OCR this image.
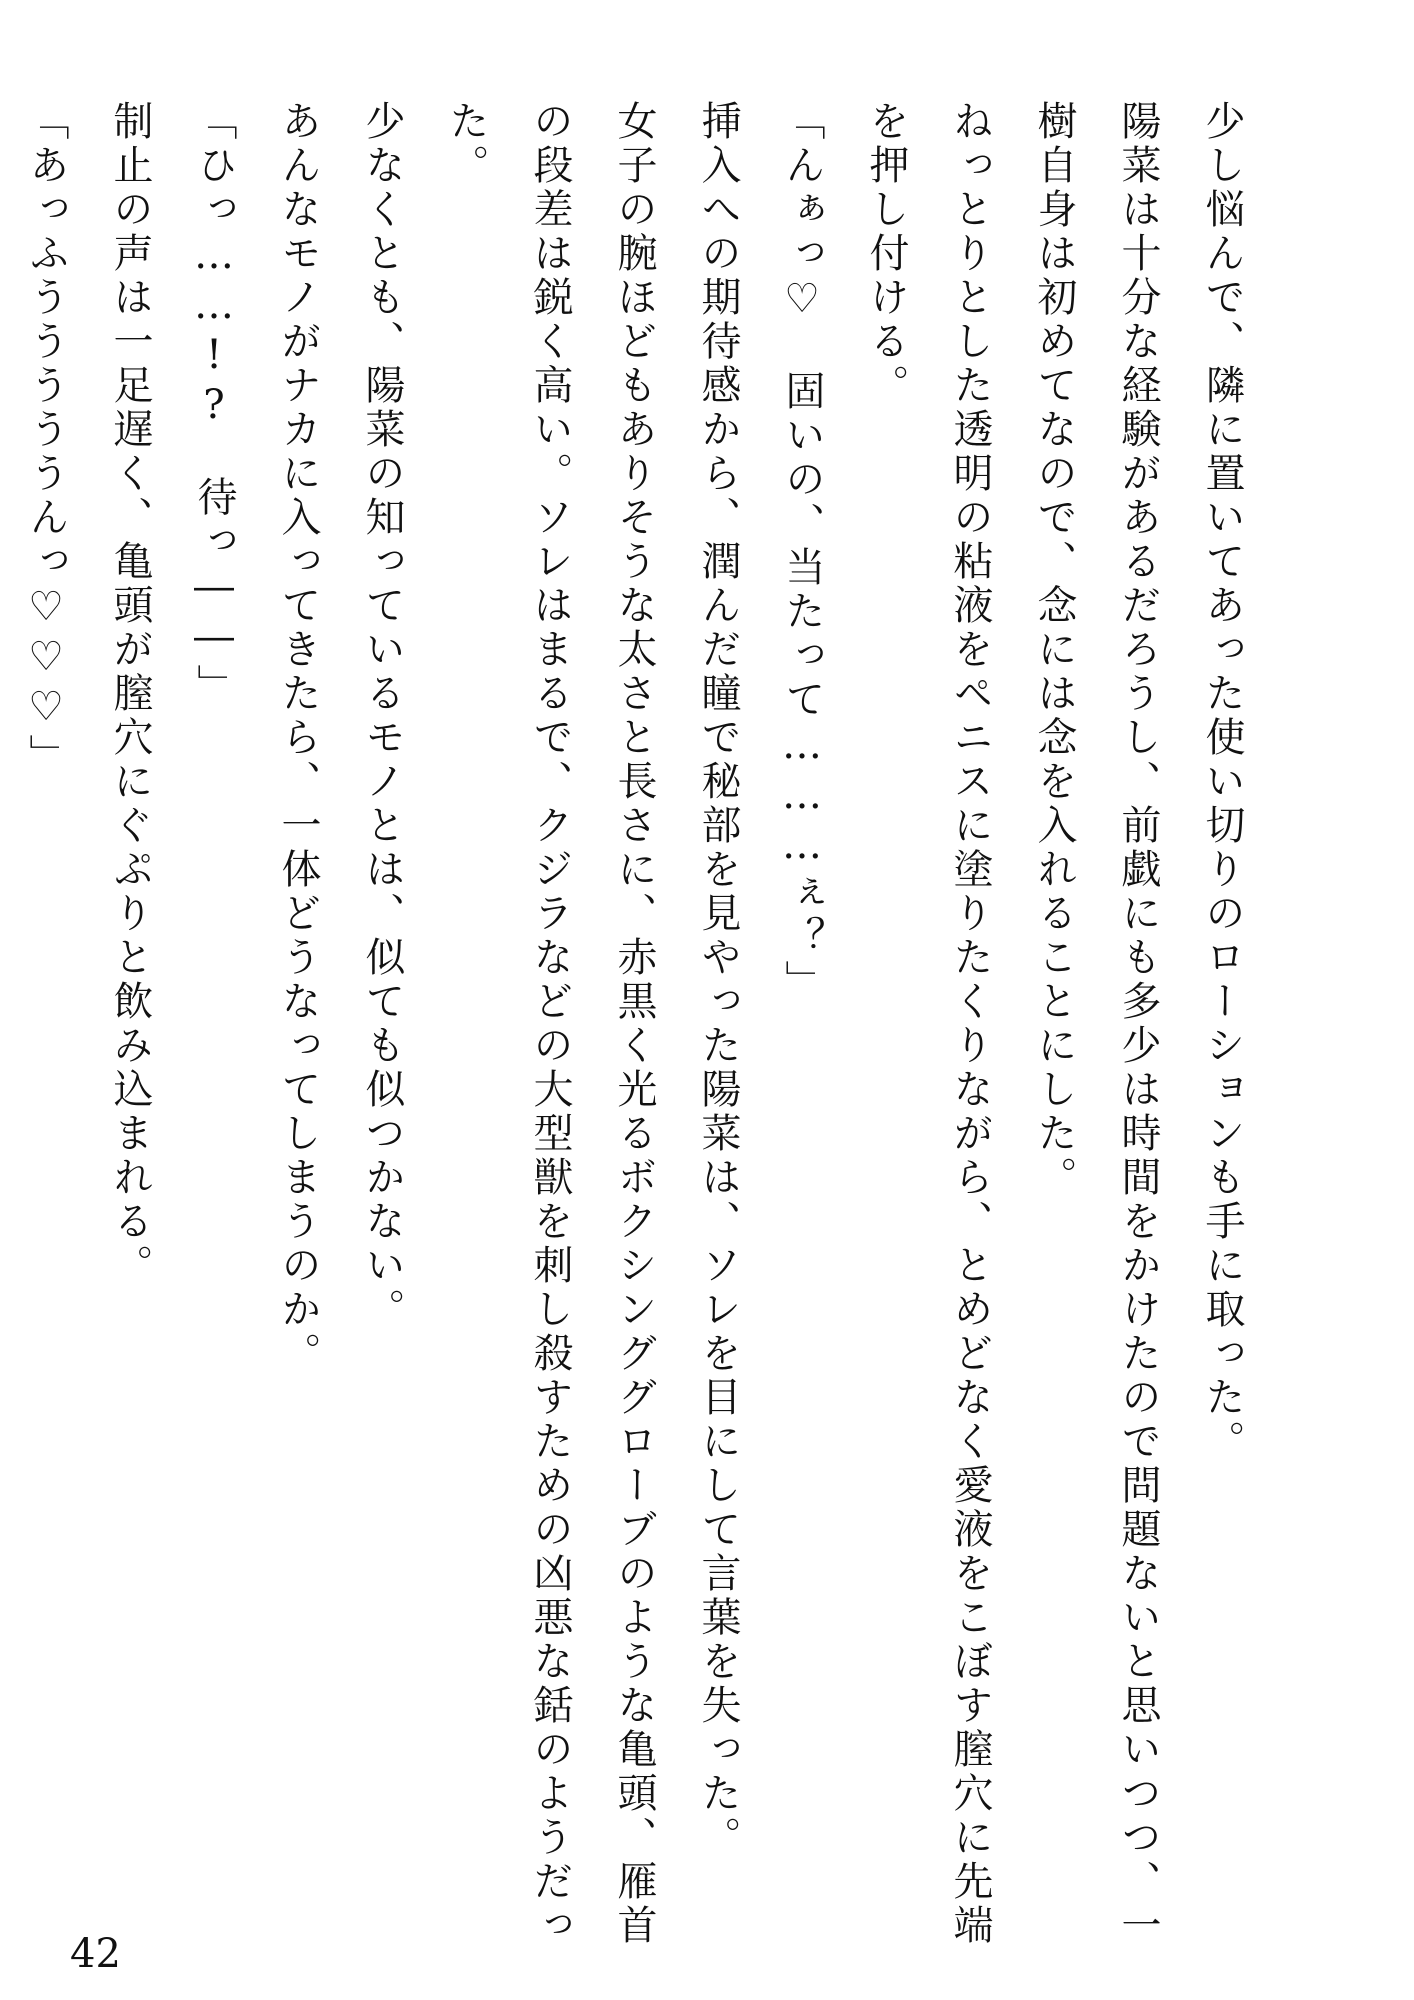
少し悩んで、隣に置いてあった使い切りのローションも手に取った。

陽菜は十分な経験があるだろうし、前戯にも多少は時間をかけたので問題ないと思いつつ、一樹自身は初めてなので、念には念を入れることにした。

ねっとりとした透明の粘液をペニスに塗りたくりながら、とめどなく愛液をこぼす膣穴に先端を押し付ける。

「んぁっ♡　固いの、当たって………ぇ？」

挿入への期待感から、潤んだ瞳で秘部を見やった陽菜は、ソレを目にして言葉を失った。

女子の腕ほどもありそうな太さと長さに、赤黒く光るボクシンググローブのような亀頭、雁首の段差は鋭く高い。ソレはまるで、クジラなどの大型獣を刺し殺すための凶悪な銛のようだった。

少なくとも、陽菜の知っているモノとは、似ても似つかない。

あんなモノがナカに入ってきたら、一体どうなってしまうのか。

「ひっ……!?　待っ――」

制止の声は一足遅く、亀頭が膣穴にぐぷりと飲み込まれる。

「あっふうううううんっ♡♡♡」

42
